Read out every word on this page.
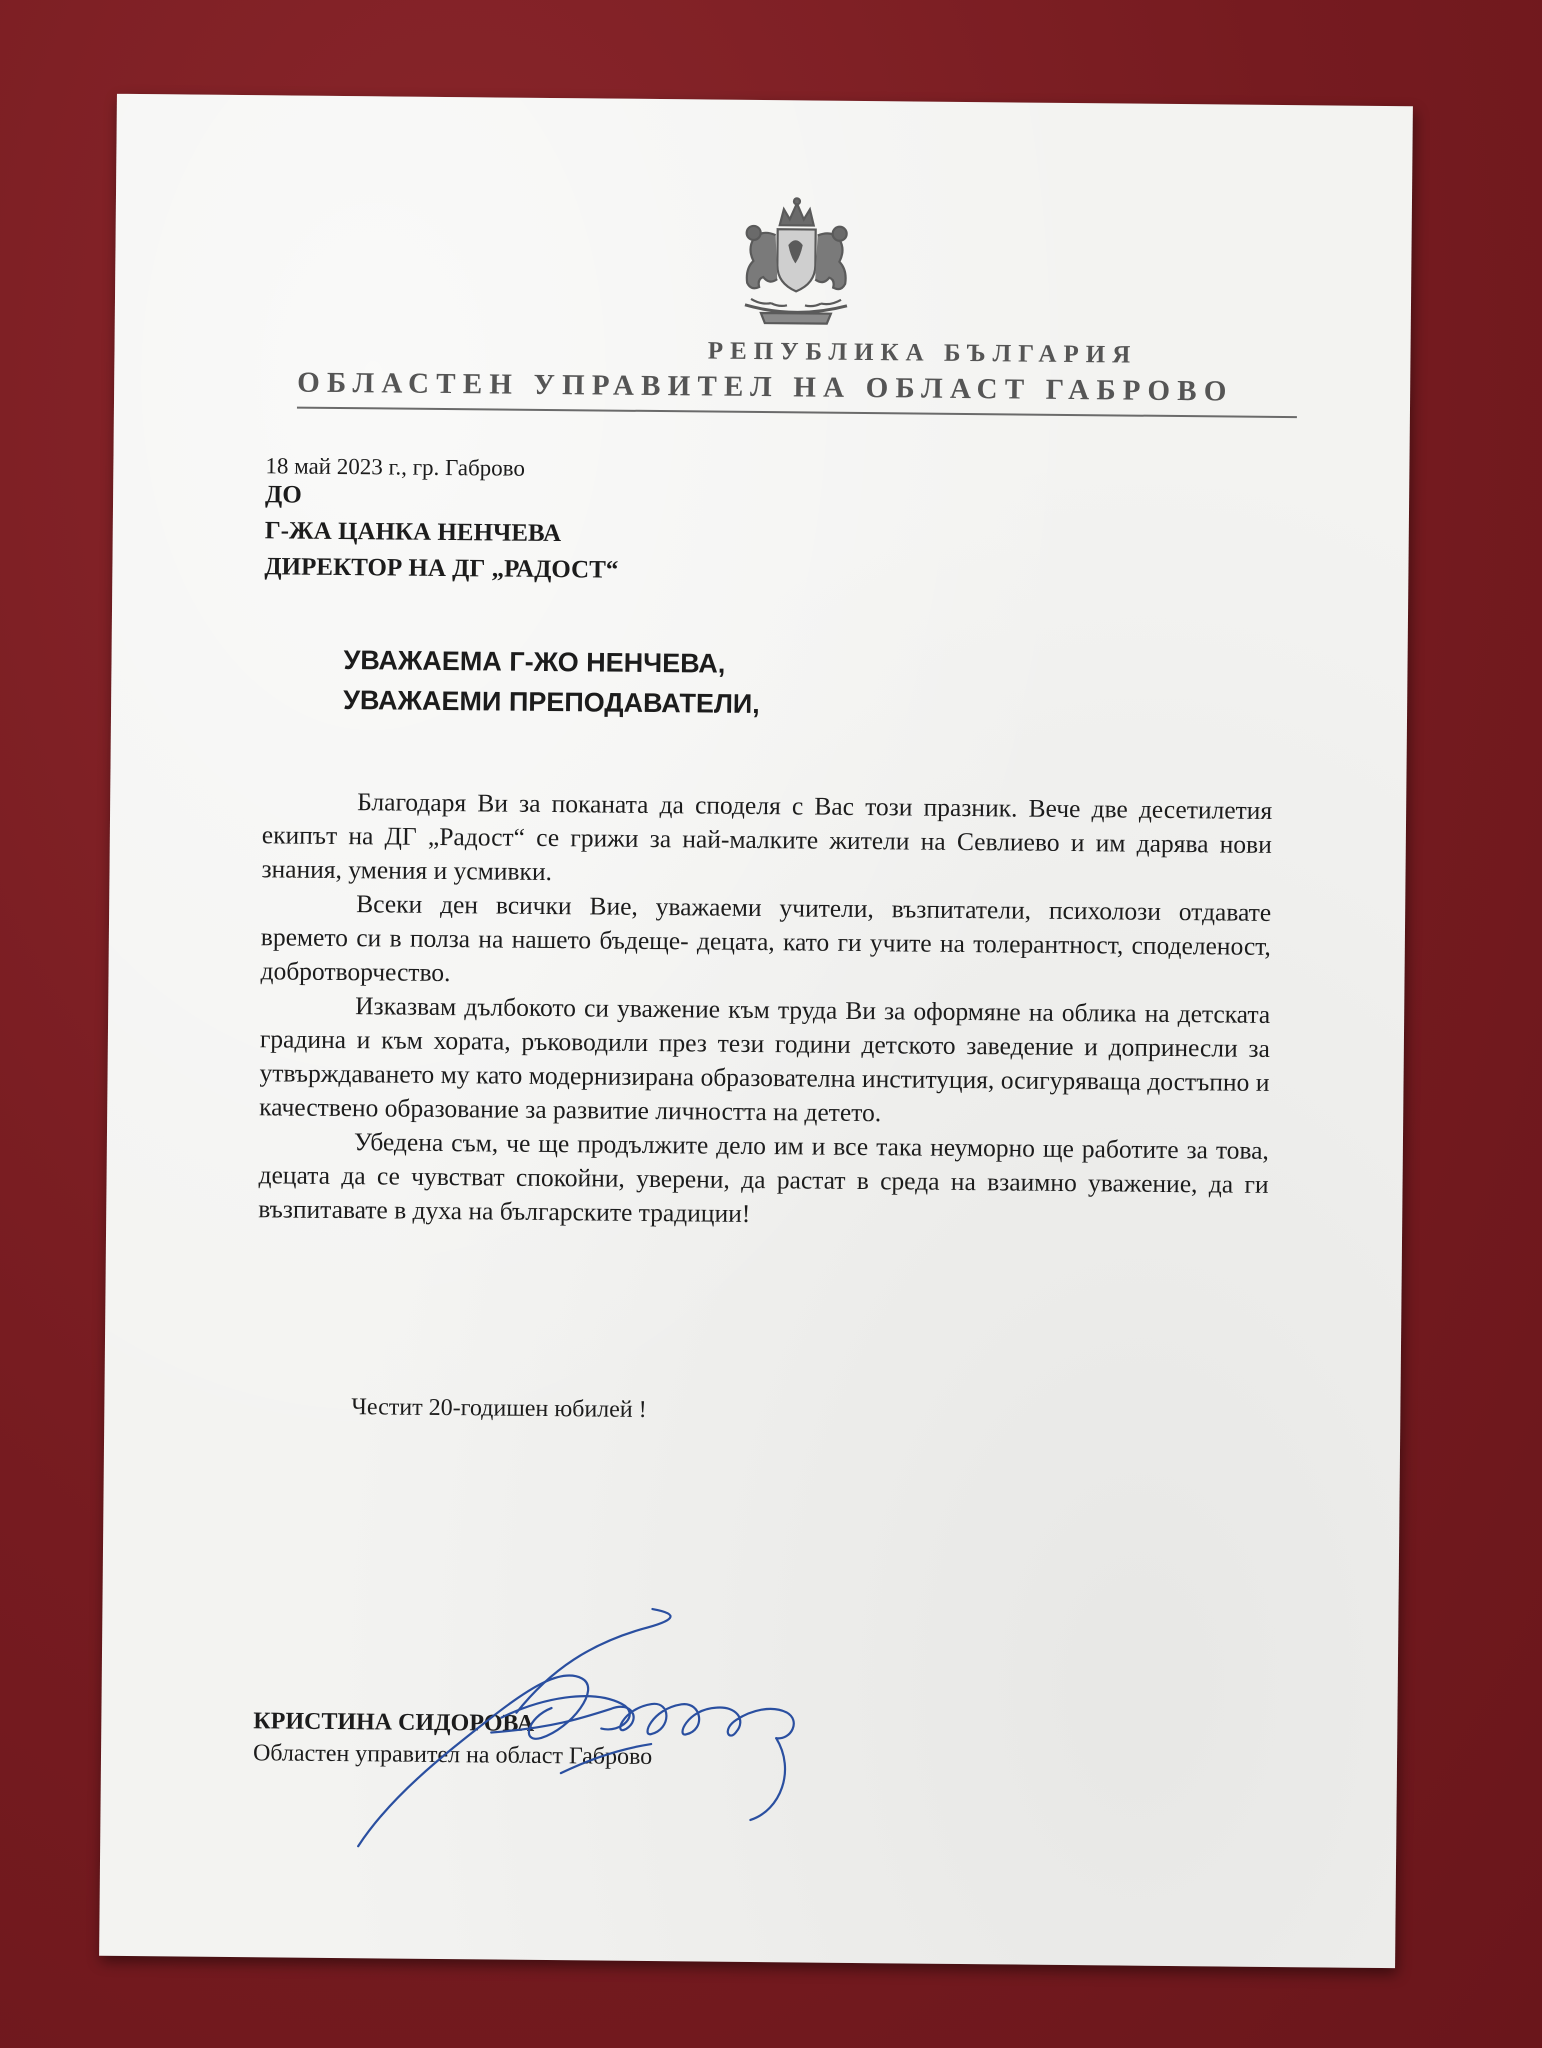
РЕПУБЛИКА БЪЛГАРИЯ
ОБЛАСТЕН УПРАВИТЕЛ НА ОБЛАСТ ГАБРОВО
18 май 2023 г., гр. Габрово
ДО
Г-ЖА ЦАНКА НЕНЧЕВА
ДИРЕКТОР НА ДГ „РАДОСТ“
УВАЖАЕМА Г-ЖО НЕНЧЕВА,
УВАЖАЕМИ ПРЕПОДАВАТЕЛИ,

Благодаря Ви за поканата да споделя с Вас този празник. Вече две десетилетия екипът на ДГ „Радост“ се грижи за най-малките жители на Севлиево и им дарява нови знания, умения и усмивки.

Всеки ден всички Вие, уважаеми учители, възпитатели, психолози отдавате времето си в полза на нашето бъдеще- децата, като ги учите на толерантност, споделеност, добротворчество.

Изказвам дълбокото си уважение към труда Ви за оформяне на облика на детската градина и към хората, ръководили през тези години детското заведение и допринесли за утвърждаването му като модернизирана образователна институция, осигуряваща достъпно и качествено образование за развитие личността на детето.

Убедена съм, че ще продължите дело им и все така неуморно ще работите за това, децата да се чувстват спокойни, уверени, да растат в среда на взаимно уважение, да ги възпитавате в духа на българските традиции!

Честит 20-годишен юбилей !
КРИСТИНА СИДОРОВА
Областен управител на област Габрово
